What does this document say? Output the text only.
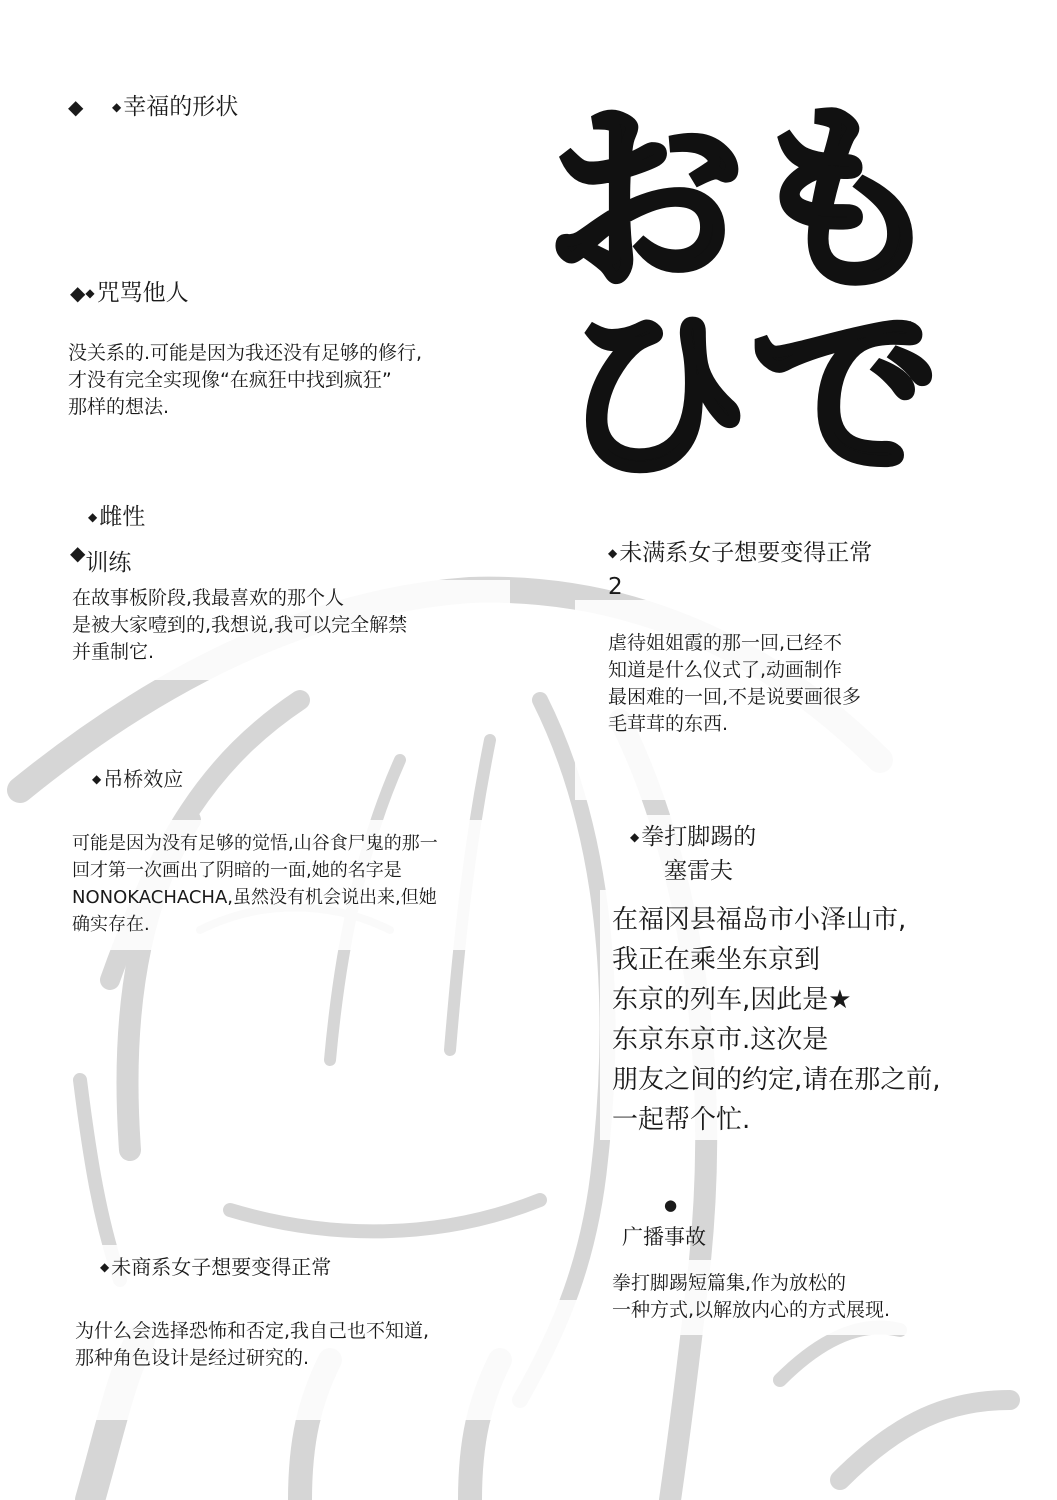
おも
ひで
◆ ◆幸福的形状
◆◆咒骂他人
没关系的.可能是因为我还没有足够的修行,
才没有完全实现像“在疯狂中找到疯狂”
那样的想法.
◆雌性
◆训练
在故事板阶段,我最喜欢的那个人
是被大家噎到的,我想说,我可以完全解禁
并重制它.
◆ 吊桥效应
可能是因为没有足够的觉悟,山谷食尸鬼的那一
回才第一次画出了阴暗的一面,她的名字是
NONOKACHACHA,虽然没有机会说出来,但她
确实存在.
◆ 未商系女子想要变得正常
为什么会选择恐怖和否定,我自己也不知道,
那种角色设计是经过研究的.
◆未满系女子想要变得正常
2
虐待姐姐霞的那一回,已经不
知道是什么仪式了,动画制作
最困难的一回,不是说要画很多
毛茸茸的东西.
◆拳打脚踢的
塞雷夫
在福冈县福岛市小泽山市,
我正在乘坐东京到
东京的列车,因此是★
东京东京市.这次是
朋友之间的约定,请在那之前,
一起帮个忙.
●
广播事故
拳打脚踢短篇集,作为放松的
一种方式,以解放内心的方式展现.
